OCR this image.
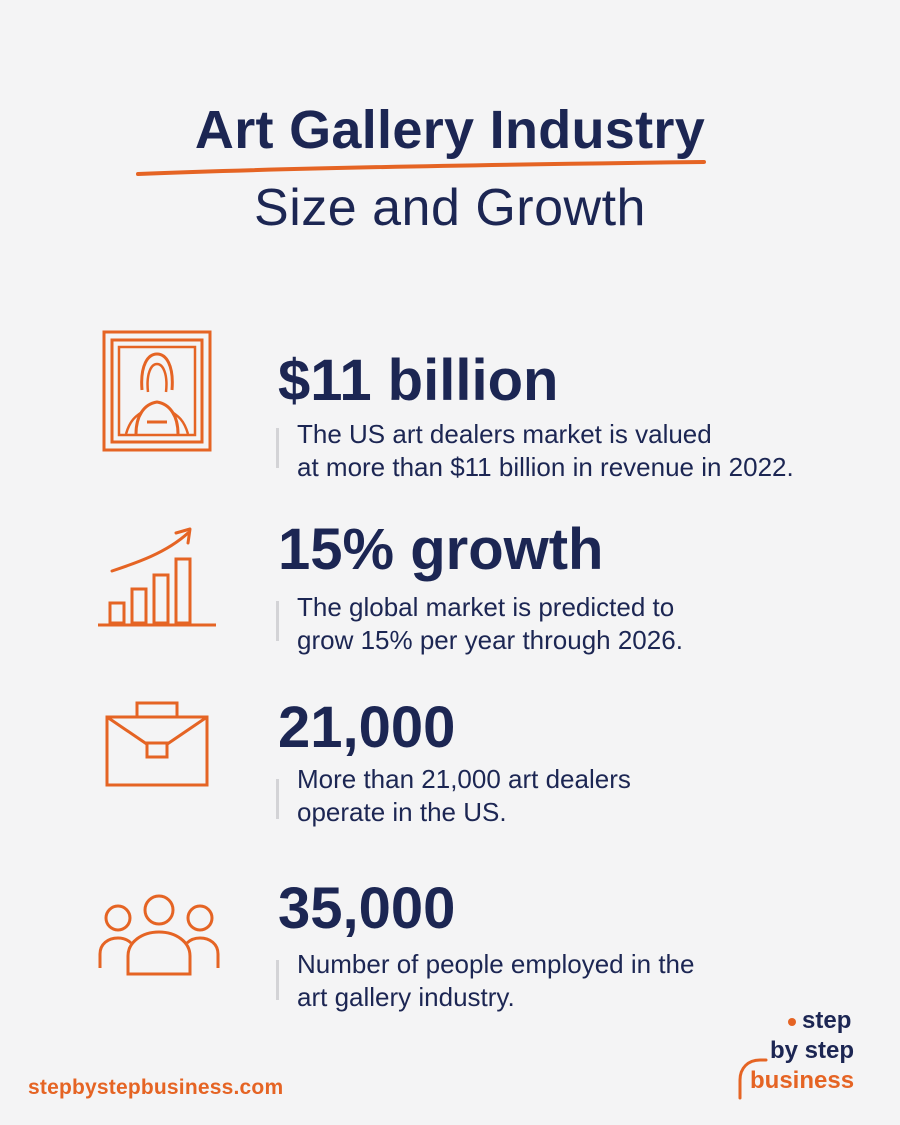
Art Gallery Industry
Size and Growth
$11 billion
The US art dealers market is valued
at more than $11 billion in revenue in 2022.
15% growth
The global market is predicted to
grow 15% per year through 2026.
21,000
More than 21,000 art dealers
operate in the US.
35,000
Number of people employed in the
art gallery industry.
stepbystepbusiness.com
step
by step
business
